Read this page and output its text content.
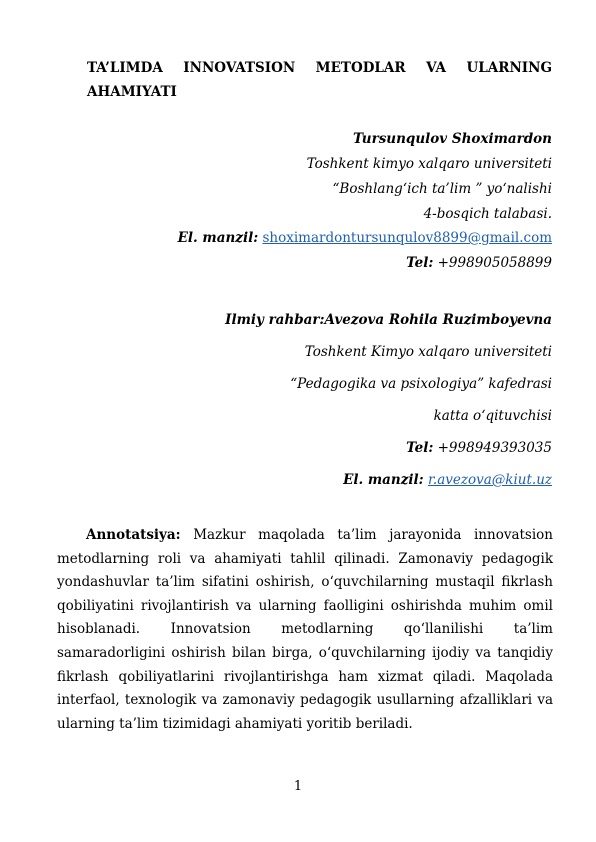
TA’LIMDA INNOVATSION METODLAR VA ULARNING AHAMIYATI

Tursunqulov Shoximardon

Toshkent kimyo xalqaro universiteti

“Boshlang‘ich ta’lim ” yo‘nalishi

4-bosqich talabasi.

El. manzil: shoximardontursunqulov8899@gmail.com

Tel: +998905058899

Ilmiy rahbar:Avezova Rohila Ruzimboyevna

Toshkent Kimyo xalqaro universiteti

“Pedagogika va psixologiya” kafedrasi

katta o‘qituvchisi

Tel: +998949393035

El. manzil: r.avezova@kiut.uz

Annotatsiya: Mazkur maqolada ta’lim jarayonida innovatsion metodlarning roli va ahamiyati tahlil qilinadi. Zamonaviy pedagogik yondashuvlar ta’lim sifatini oshirish, o‘quvchilarning mustaqil fikrlash qobiliyatini rivojlantirish va ularning faolligini oshirishda muhim omil hisoblanadi. Innovatsion metodlarning qo‘llanilishi ta’lim samaradorligini oshirish bilan birga, o‘quvchilarning ijodiy va tanqidiy fikrlash qobiliyatlarini rivojlantirishga ham xizmat qiladi. Maqolada interfaol, texnologik va zamonaviy pedagogik usullarning afzalliklari va ularning ta’lim tizimidagi ahamiyati yoritib beriladi.

1
